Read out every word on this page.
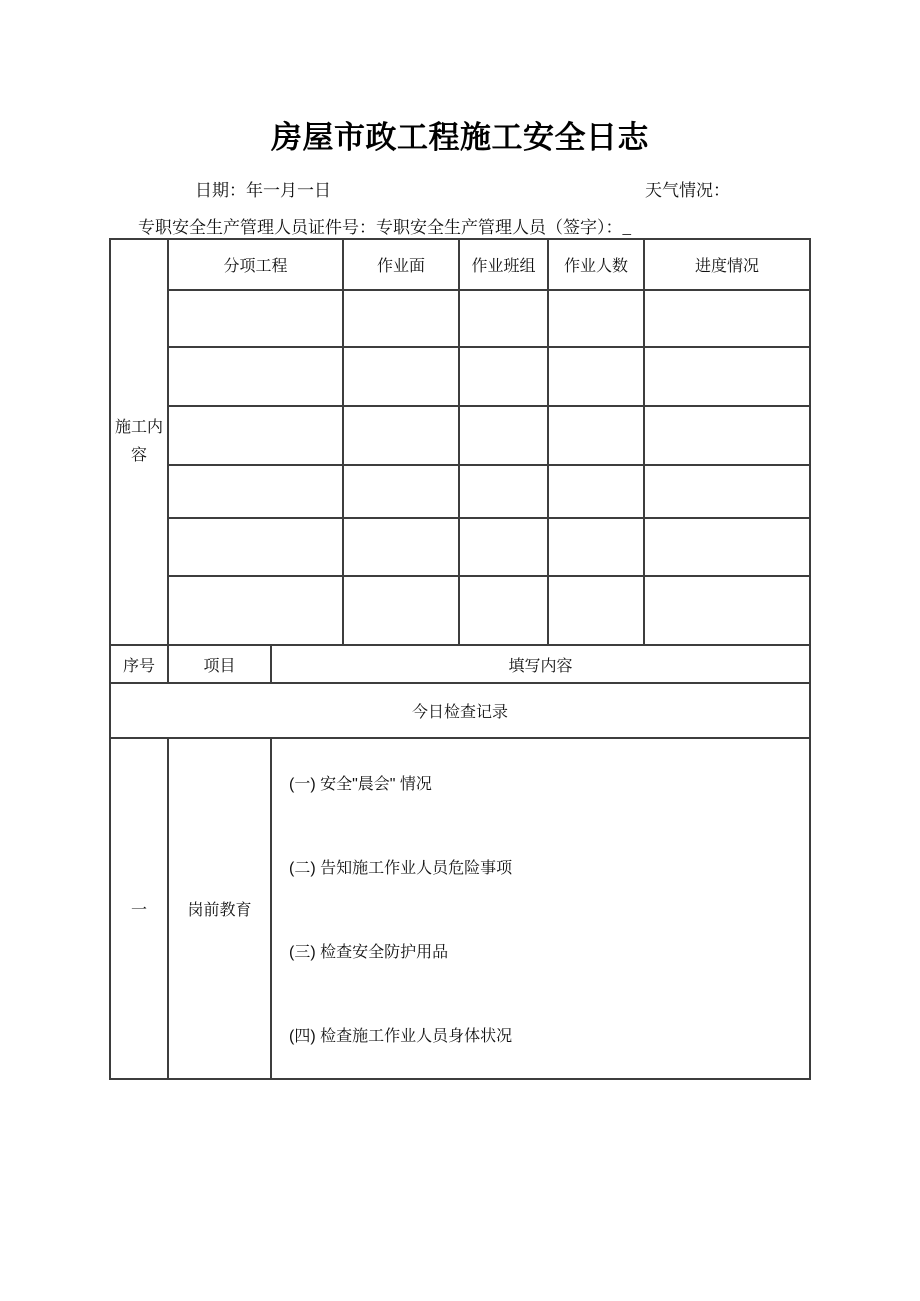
房屋市政工程施工安全日志
日期：年一月一日	天气情况：
专职安全生产管理人员证件号：专职安全生产管理人员（签字）：_
施工内容	分项工程		作业面	作业班组	作业人数	进度情况

序号	项目	填写内容				
今日检查记录						
一	岗前教育	(一) 安全"晨会" 情况
(二) 告知施工作业人员危险事项
(三) 检查安全防护用品
(四) 检查施工作业人员身体状况				
